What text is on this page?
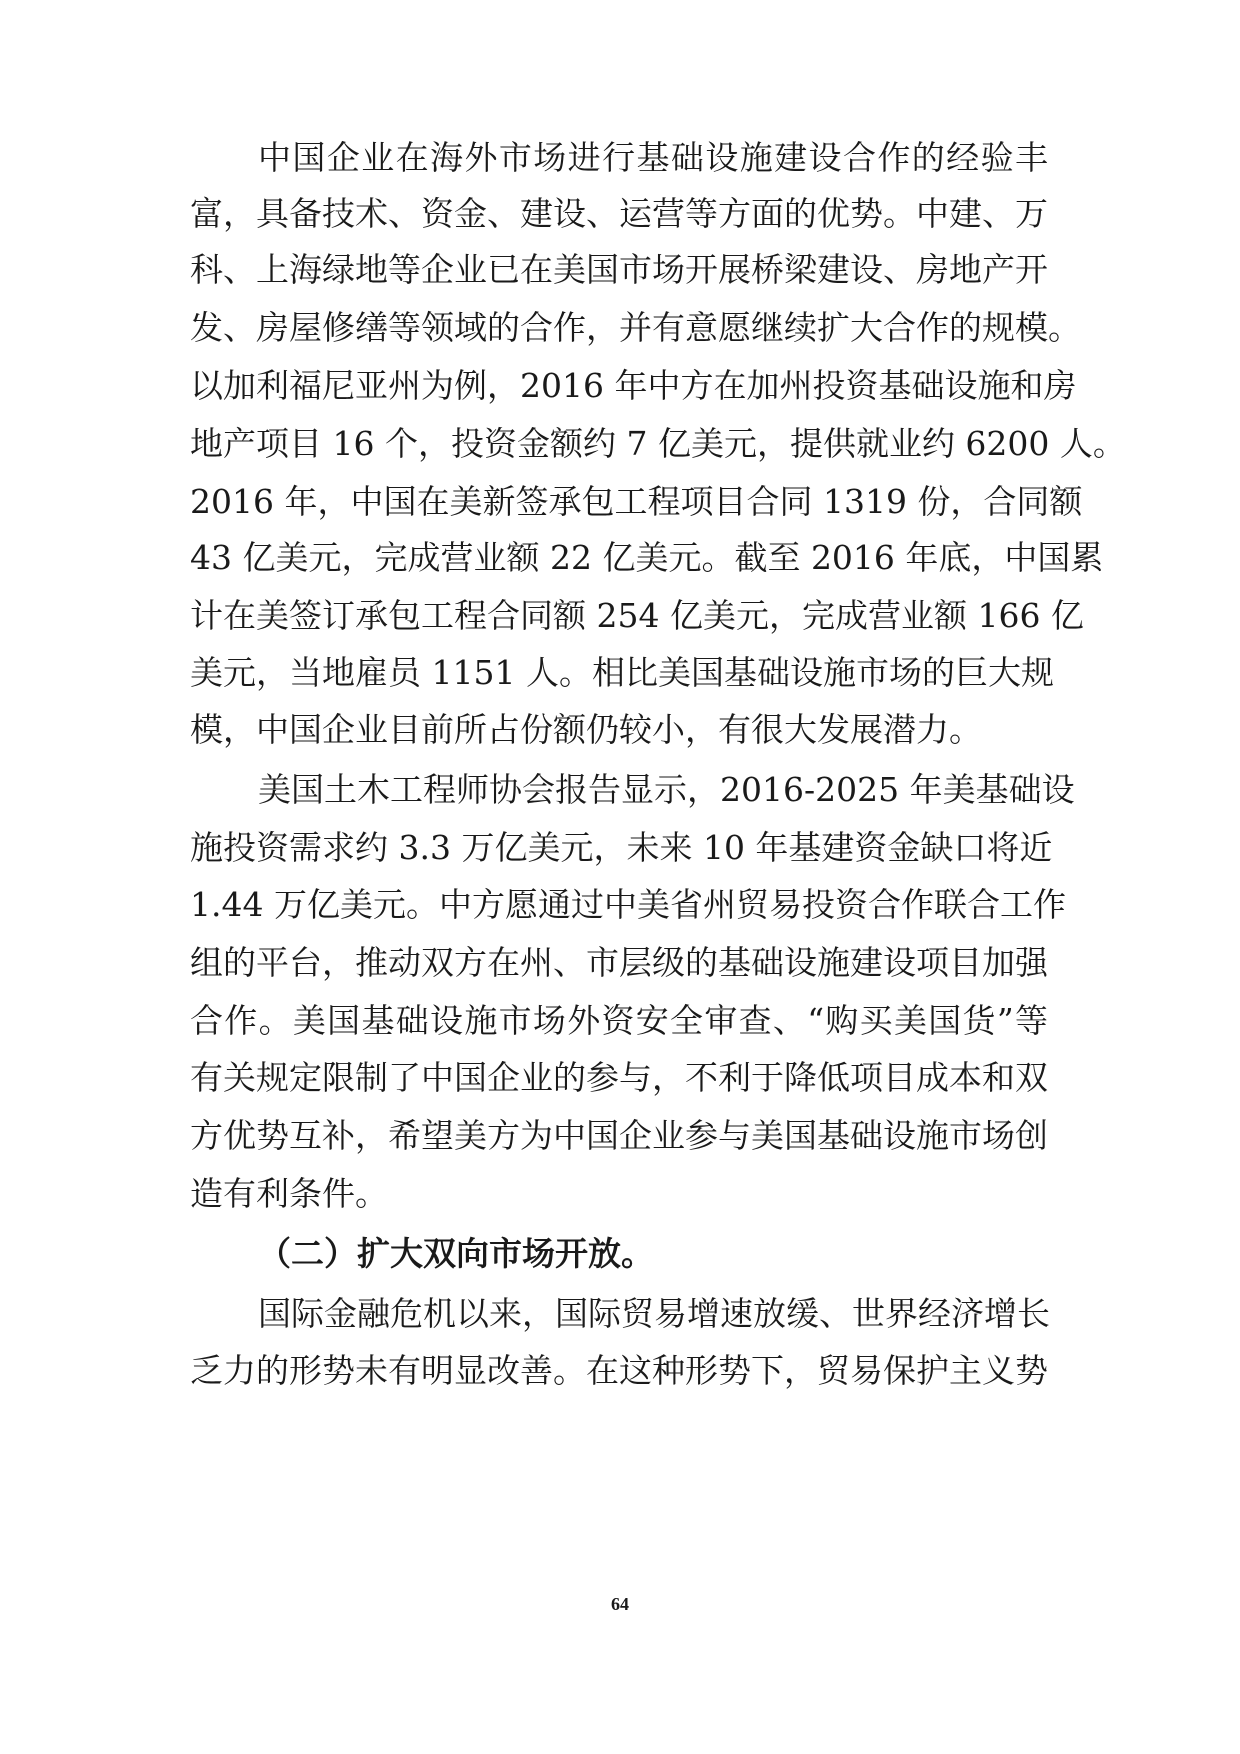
中国企业在海外市场进行基础设施建设合作的经验丰
富，具备技术、资金、建设、运营等方面的优势。中建、万
科、上海绿地等企业已在美国市场开展桥梁建设、房地产开
发、房屋修缮等领域的合作，并有意愿继续扩大合作的规模。
以加利福尼亚州为例，2016 年中方在加州投资基础设施和房
地产项目 16 个，投资金额约 7 亿美元，提供就业约 6200 人。
2016 年，中国在美新签承包工程项目合同 1319 份，合同额
43 亿美元，完成营业额 22 亿美元。截至 2016 年底，中国累
计在美签订承包工程合同额 254 亿美元，完成营业额 166 亿
美元，当地雇员 1151 人。相比美国基础设施市场的巨大规
模，中国企业目前所占份额仍较小，有很大发展潜力。
美国土木工程师协会报告显示，2016-2025 年美基础设
施投资需求约 3.3 万亿美元，未来 10 年基建资金缺口将近
1.44 万亿美元。中方愿通过中美省州贸易投资合作联合工作
组的平台，推动双方在州、市层级的基础设施建设项目加强
合作。美国基础设施市场外资安全审查、“购买美国货”等
有关规定限制了中国企业的参与，不利于降低项目成本和双
方优势互补，希望美方为中国企业参与美国基础设施市场创
造有利条件。
（二）扩大双向市场开放。
国际金融危机以来，国际贸易增速放缓、世界经济增长
乏力的形势未有明显改善。在这种形势下，贸易保护主义势
64
